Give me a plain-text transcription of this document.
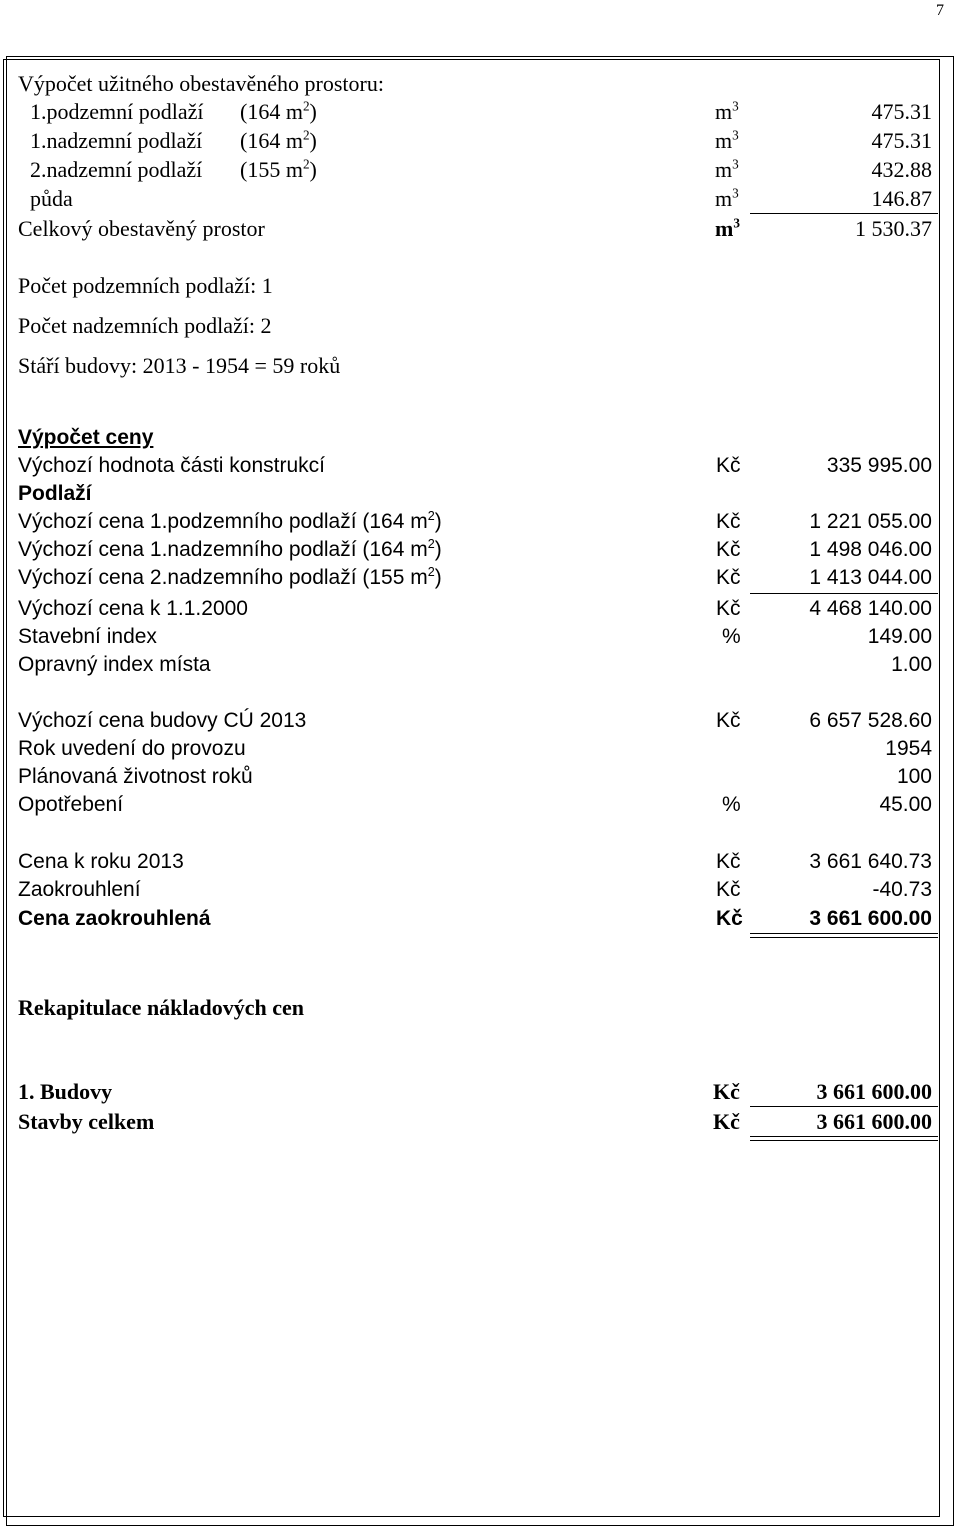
7
Výpočet užitného obestavěného prostoru:
1.podzemní podlaží (164 $m^2$)	$m^3$	475.31
1.nadzemní podlaží (164 $m^2$)	$m^3$	475.31
2.nadzemní podlaží (155 $m^2$)	$m^3$	432.88
půda	$m^3$	146.87
Celkový obestavěný prostor	$m^3$	1 530.37
Počet podzemních podlaží: 1
Počet nadzemních podlaží: 2
Stáří budovy: 2013 - 1954 = 59 roků
Výpočet ceny
Výchozí hodnota části konstrukcí	Kč	335 995.00
Podlaží
Výchozí cena 1.podzemního podlaží (164 $m^2$)	Kč	1 221 055.00
Výchozí cena 1.nadzemního podlaží (164 $m^2$)	Kč	1 498 046.00
Výchozí cena 2.nadzemního podlaží (155 $m^2$)	Kč	1 413 044.00
Výchozí cena k 1.1.2000	Kč	4 468 140.00
Stavební index	%	149.00
Opravný index místa	1.00
Výchozí cena budovy CÚ 2013	Kč	6 657 528.60
Rok uvedení do provozu	1954
Plánovaná životnost roků	100
Opotřebení	%	45.00
Cena k roku 2013	Kč	3 661 640.73
Zaokrouhlení	Kč	-40.73
Cena zaokrouhlená	Kč	3 661 600.00
Rekapitulace nákladových cen
1. Budovy	Kč	3 661 600.00
Stavby celkem	Kč	3 661 600.00
